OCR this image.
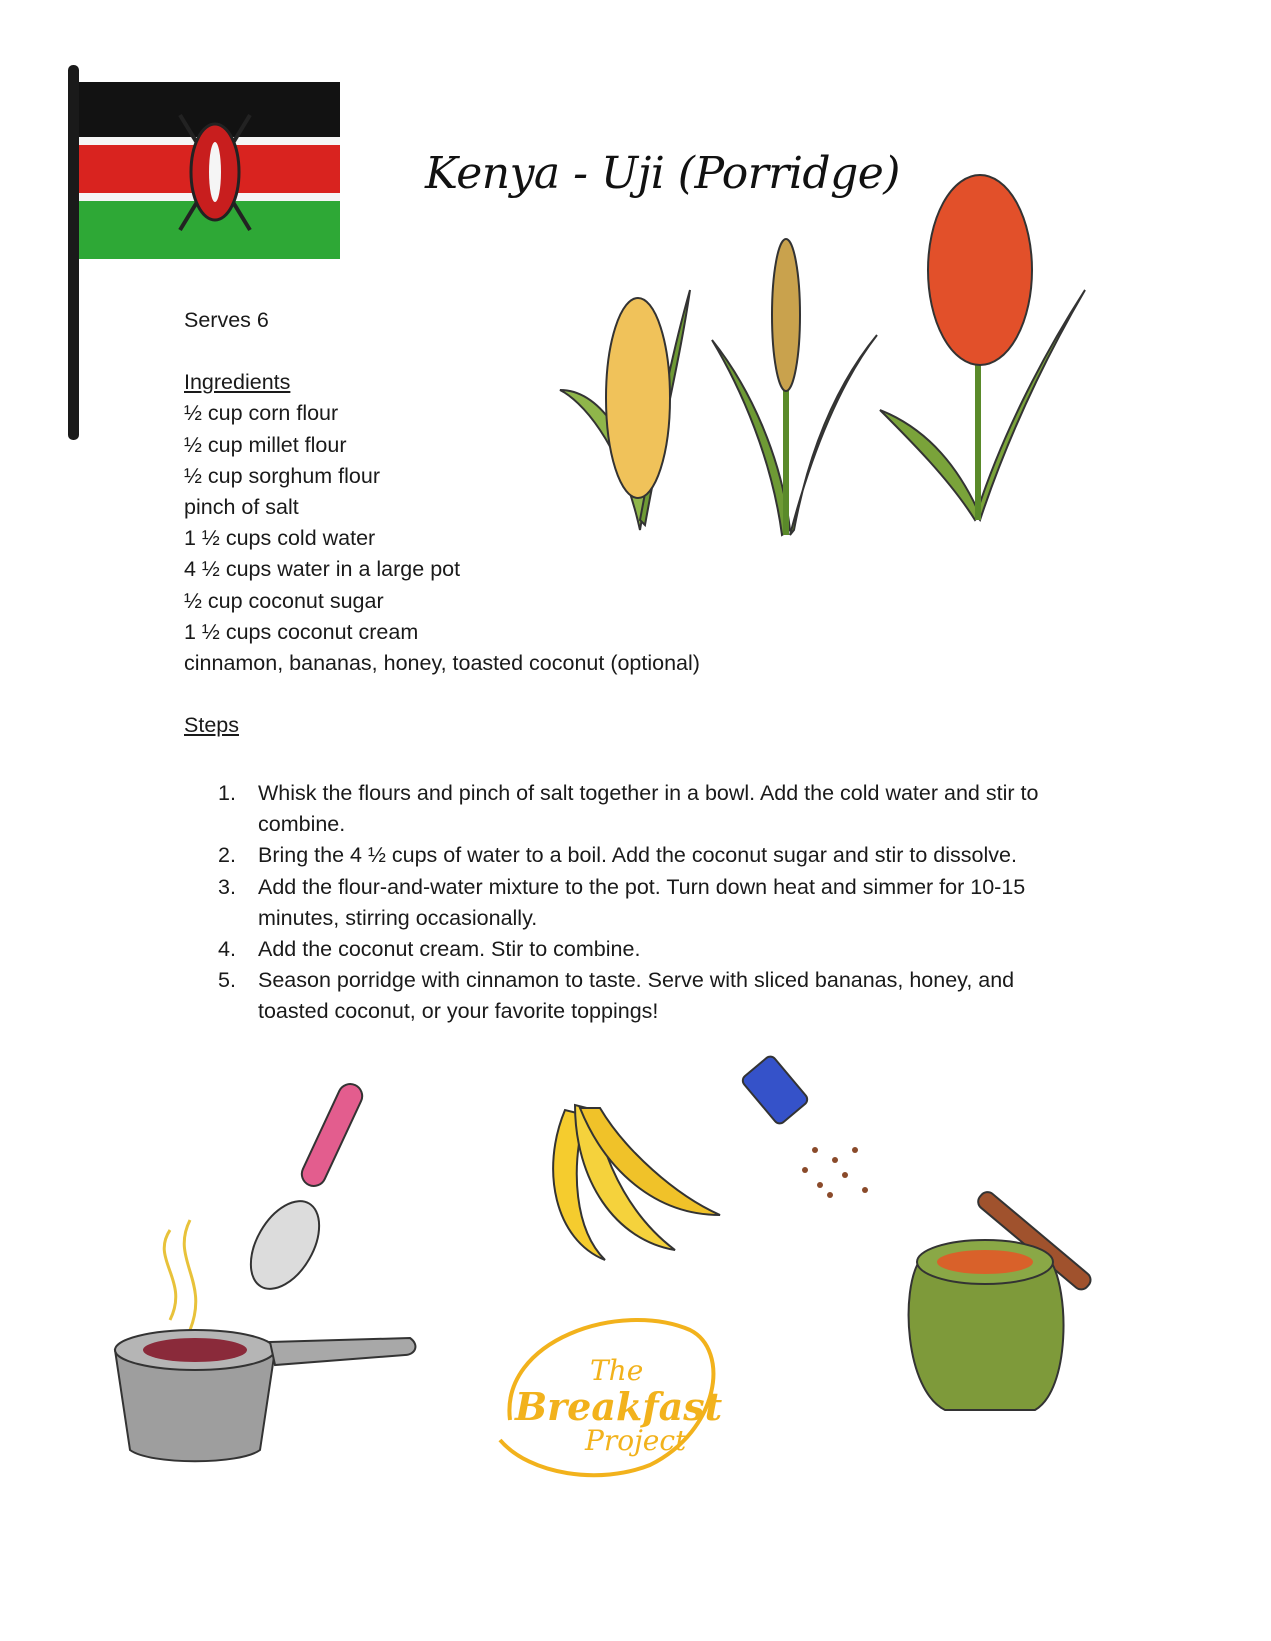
Kenya - Uji (Porridge)
Serves 6
Ingredients
½ cup corn flour
½ cup millet flour
½ cup sorghum flour
pinch of salt
1 ½ cups cold water
4 ½ cups water in a large pot
½ cup coconut sugar
1 ½ cups coconut cream
cinnamon, bananas, honey, toasted coconut (optional)
Steps
1.	Whisk the flours and pinch of salt together in a bowl. Add the cold water and stir to combine.
2.	Bring the 4 ½ cups of water to a boil. Add the coconut sugar and stir to dissolve.
3.	Add the flour-and-water mixture to the pot. Turn down heat and simmer for 10-15 minutes, stirring occasionally.
4.	Add the coconut cream. Stir to combine.
5.	Season porridge with cinnamon to taste. Serve with sliced bananas, honey, and toasted coconut, or your favorite toppings!
The
Breakfast
Project
